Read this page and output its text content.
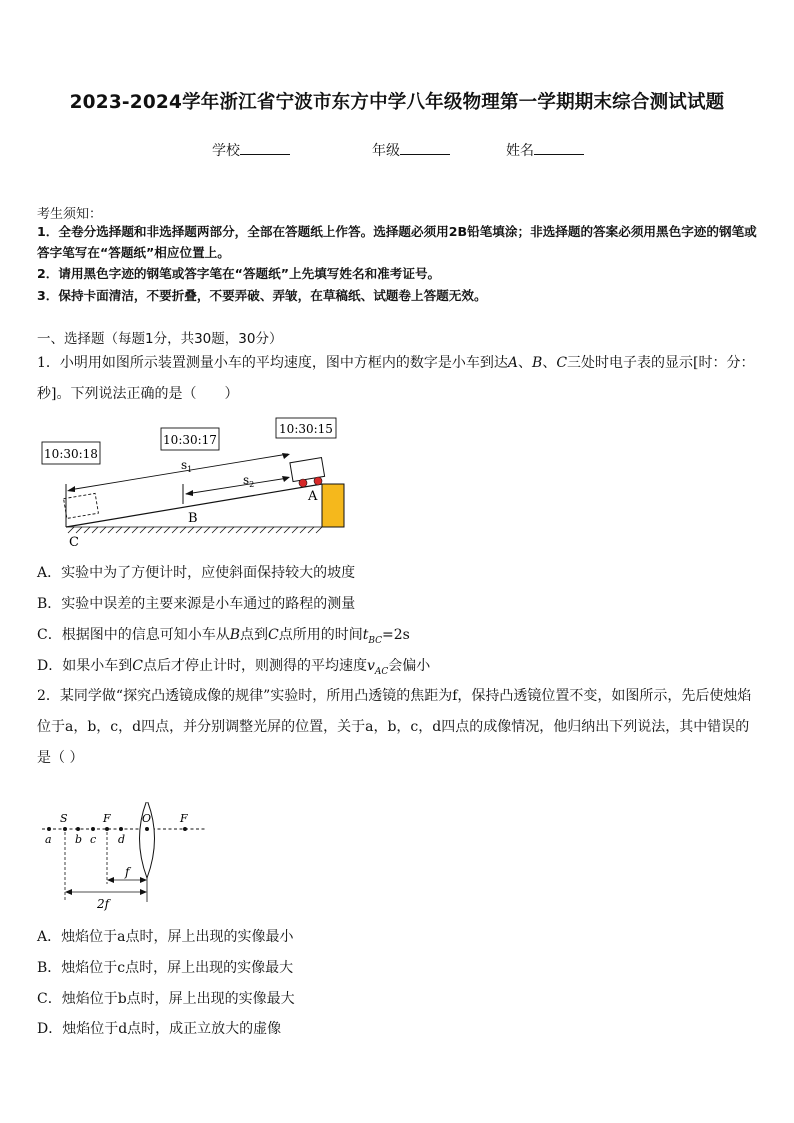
2023-2024学年浙江省宁波市东方中学八年级物理第一学期期末综合测试试题
学校	年级	姓名
考生须知：
1．全卷分选择题和非选择题两部分，全部在答题纸上作答。选择题必须用2B铅笔填涂；非选择题的答案必须用黑色字迹的钢笔或答字笔写在“答题纸”相应位置上。
2．请用黑色字迹的钢笔或答字笔在“答题纸”上先填写姓名和准考证号。
3．保持卡面清洁，不要折叠，不要弄破、弄皱，在草稿纸、试题卷上答题无效。
一、选择题（每题1分，共30题，30分）
1．小明用如图所示装置测量小车的平均速度，图中方框内的数字是小车到达A、B、C三处时电子表的显示[时：分：秒]。下列说法正确的是（　　）
10:30:18
10:30:17
10:30:15
$s_1$
$s_2$
A
B
C
A．实验中为了方便计时，应使斜面保持较大的坡度
B．实验中误差的主要来源是小车通过的路程的测量
C．根据图中的信息可知小车从B点到C点所用的时间$t_{BC}=2s$
D．如果小车到C点后才停止计时，则测得的平均速度$v_{AC}$会偏小
2．某同学做“探究凸透镜成像的规律”实验时，所用凸透镜的焦距为f，保持凸透镜位置不变，如图所示，先后使烛焰位于a，b，c，d四点，并分别调整光屏的位置，关于a，b，c，d四点的成像情况，他归纳出下列说法，其中错误的是（ ）
S	F	O	F
a b c d
f
2f
A．烛焰位于a点时，屏上出现的实像最小
B．烛焰位于c点时，屏上出现的实像最大
C．烛焰位于b点时，屏上出现的实像最大
D．烛焰位于d点时，成正立放大的虚像
